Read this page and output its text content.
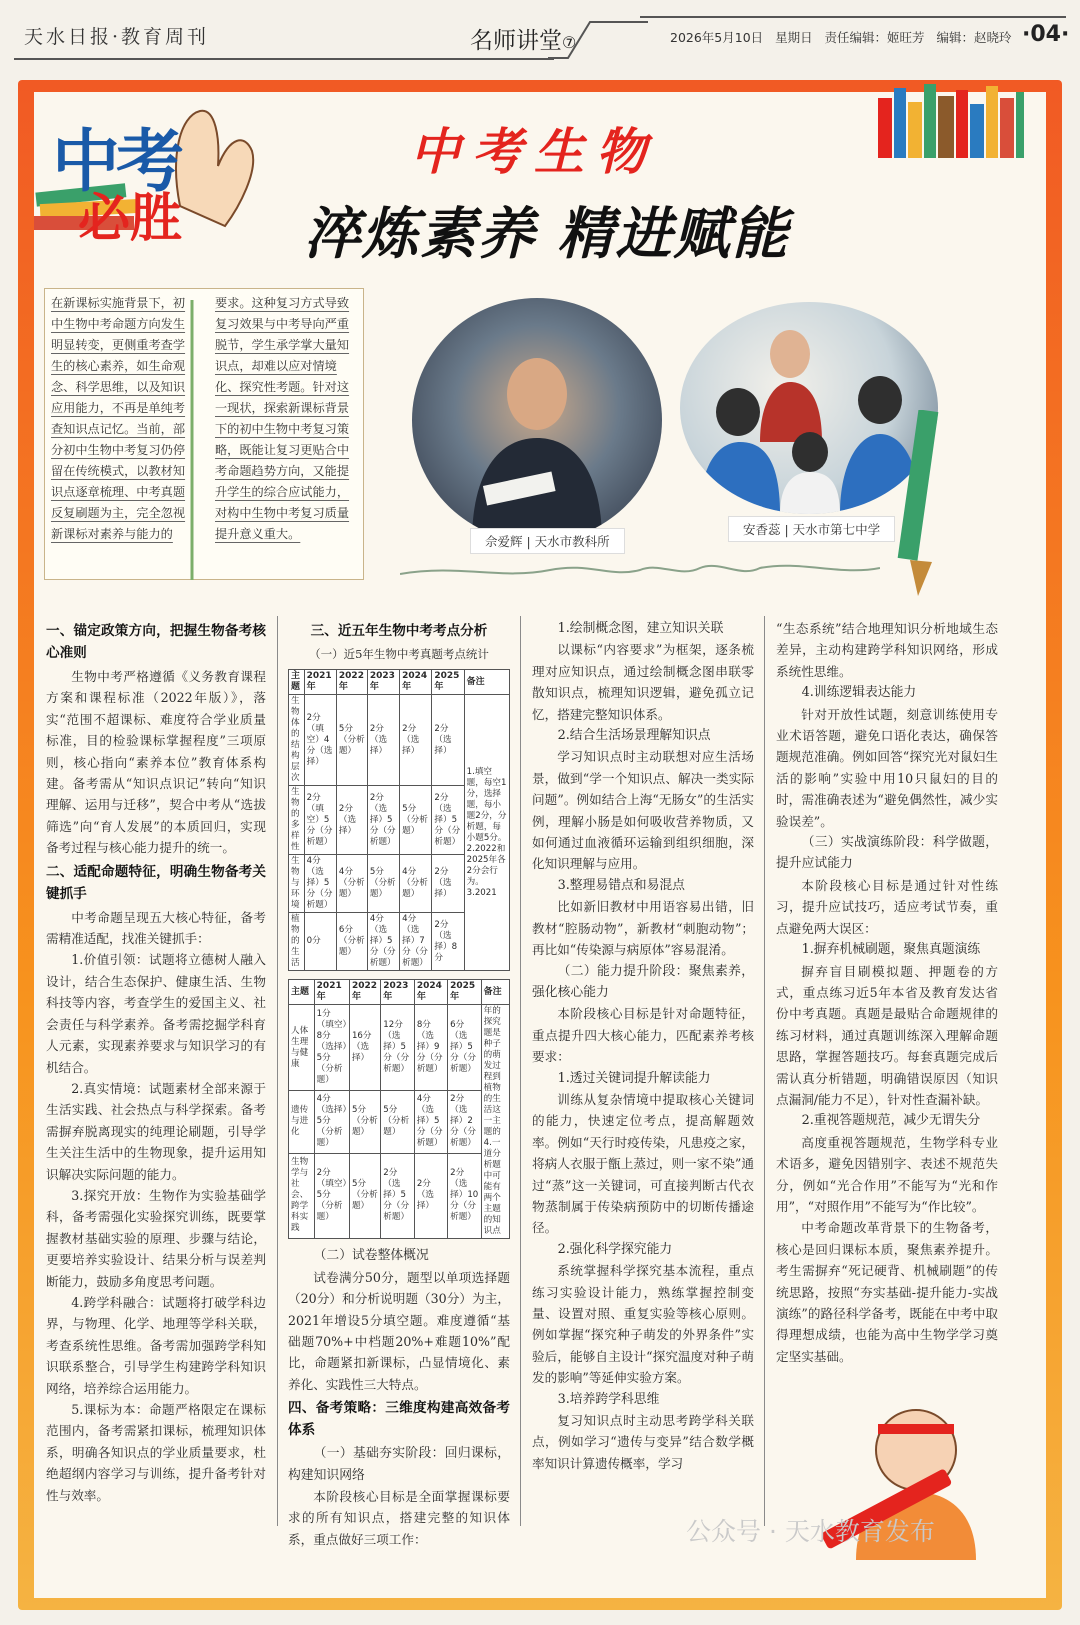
天水日报·教育周刊	名师讲堂⑦	2026年5月10日 星期日 责任编辑：姬旺芳 编辑：赵晓玲 ·04·
中考
必胜
中考生物
淬炼素养 精进赋能
在新课标实施背景下，初中生物中考命题方向发生明显转变，更侧重考查学生的核心素养，如生命观念、科学思维，以及知识应用能力，不再是单纯考查知识点记忆。当前，部分初中生物中考复习仍停留在传统模式，以教材知识点逐章梳理、中考真题反复刷题为主，完全忽视新课标对素养与能力的
要求。这种复习方式导致复习效果与中考导向严重脱节，学生承学掌大量知识点，却难以应对情境化、探究性考题。针对这一现状，探索新课标背景下的初中生物中考复习策略，既能让复习更贴合中考命题趋势方向，又能提升学生的综合应试能力，对构中生物中考复习质量提升意义重大。	佘爱辉 | 天水市教科所
安香蕊 | 天水市第七中学
一、锚定政策方向，把握生物备考核心准则

生物中考严格遵循《义务教育课程方案和课程标准（2022年版）》，落实“范围不超课标、难度符合学业质量标准，目的检验课标掌握程度”三项原则，核心指向“素养本位”教育体系构建。备考需从“知识点识记”转向“知识理解、运用与迁移”，契合中考从“选拔筛选”向“育人发展”的本质回归，实现备考过程与核心能力提升的统一。

二、适配命题特征，明确生物备考关键抓手

中考命题呈现五大核心特征，备考需精准适配，找准关键抓手：

1.价值引领：试题将立德树人融入设计，结合生态保护、健康生活、生物科技等内容，考查学生的爱国主义、社会责任与科学素养。备考需挖掘学科育人元素，实现素养要求与知识学习的有机结合。

2.真实情境：试题素材全部来源于生活实践、社会热点与科学探索。备考需摒弃脱离现实的纯理论刷题，引导学生关注生活中的生物现象，提升运用知识解决实际问题的能力。

3.探究开放：生物作为实验基础学科，备考需强化实验探究训练，既要掌握教材基础实验的原理、步骤与结论，更要培养实验设计、结果分析与误差判断能力，鼓励多角度思考问题。

4.跨学科融合：试题将打破学科边界，与物理、化学、地理等学科关联，考查系统性思维。备考需加强跨学科知识联系整合，引导学生构建跨学科知识网络，培养综合运用能力。

5.课标为本：命题严格限定在课标范围内，备考需紧扣课标，梳理知识体系，明确各知识点的学业质量要求，杜绝超纲内容学习与训练，提升备考针对性与效率。

三、近五年生物中考考点分析
（一）近5年生物中考真题考点统计
主题	2021年	2022年	2023年	2024年	2025年	备注
生物体的结构层次	2分（填空）4分（选择）	5分（分析题）	2分（选择）	2分（选择）	2分（选择）	1.填空题，每空1分，选择题，每小题2分，分析题，每小题5分。2.2022和2025年各2分会行为。3.2021
生物的多样性	2分（填空）5分（分析题）	2分（选择）	2分（选择）5分（分析题）	5分（分析题）	2分（选择）5分（分析题）	
生物与环境	4分（选择）5分（分析题）	4分（分析题）	5分（分析题）	4分（分析题）	2分（选择）	
植物的生活	0分	6分（分析题）	4分（选择）5分（分析题）	4分（选择）7分（分析题）	2分（选择）8分	
主题	2021年	2022年	2023年	2024年	2025年	备注
人体生理与健康	1分（填空）8分（选择）5分（分析题）	16分（选择）	12分（选择）5分（分析题）	8分（选择）9分（分析题）	6分（选择）5分（分析题）	年的探究题是种子的萌发过程到植物的生活这一主题的4.一道分析题中可能有两个主题的知识点
遗传与进化	4分（选择）5分（分析题）	5分（分析题）	5分（分析题）	4分（选择）5分（分析题）	2分（选择）2分（分析题）	
生物学与社会、跨学科实践	2分（填空）5分（分析题）	5分（分析题）	2分（选择）5分（分析题）	2分（选择）	2分（选择）10分（分析题）	
（二）试卷整体概况

试卷满分50分，题型以单项选择题（20分）和分析说明题（30分）为主，2021年增设5分填空题。难度遵循“基础题70%+中档题20%+难题10%”配比，命题紧扣新课标，凸显情境化、素养化、实践性三大特点。

四、备考策略：三维度构建高效备考体系
（一）基础夯实阶段：回归课标，构建知识网络

本阶段核心目标是全面掌握课标要求的所有知识点，搭建完整的知识体系，重点做好三项工作：

1.绘制概念图，建立知识关联

以课标“内容要求”为框架，逐条梳理对应知识点，通过绘制概念图串联零散知识点，梳理知识逻辑，避免孤立记忆，搭建完整知识体系。

2.结合生活场景理解知识点

学习知识点时主动联想对应生活场景，做到“学一个知识点、解决一类实际问题”。例如结合上海“无肠女”的生活实例，理解小肠是如何吸收营养物质，又如何通过血液循环运输到组织细胞，深化知识理解与应用。

3.整理易错点和易混点

比如新旧教材中用语容易出错，旧教材“腔肠动物”，新教材“刺胞动物”；再比如“传染源与病原体”容易混淆。

（二）能力提升阶段：聚焦素养，强化核心能力

本阶段核心目标是针对命题特征，重点提升四大核心能力，匹配素养考核要求：

1.透过关键词提升解读能力

训练从复杂情境中提取核心关键词的能力，快速定位考点，提高解题效率。例如“天行时疫传染，凡患疫之家，将病人衣服于甑上蒸过，则一家不染”通过“蒸”这一关键词，可直接判断古代衣物蒸制属于传染病预防中的切断传播途径。

2.强化科学探究能力

系统掌握科学探究基本流程，重点练习实验设计能力，熟练掌握控制变量、设置对照、重复实验等核心原则。例如掌握“探究种子萌发的外界条件”实验后，能够自主设计“探究温度对种子萌发的影响”等延伸实验方案。

3.培养跨学科思维

复习知识点时主动思考跨学科关联点，例如学习“遗传与变异”结合数学概率知识计算遗传概率，学习

“生态系统”结合地理知识分析地域生态差异，主动构建跨学科知识网络，形成系统性思维。

4.训练逻辑表达能力

针对开放性试题，刻意训练使用专业术语答题，避免口语化表达，确保答题规范准确。例如回答“探究光对鼠妇生活的影响”实验中用10只鼠妇的目的时，需准确表述为“避免偶然性，减少实验误差”。

（三）实战演练阶段：科学做题，提升应试能力

本阶段核心目标是通过针对性练习，提升应试技巧，适应考试节奏，重点避免两大误区：

1.摒弃机械刷题，聚焦真题演练

摒弃盲目刷模拟题、押题卷的方式，重点练习近5年本省及教育发达省份中考真题。真题是最贴合命题规律的练习材料，通过真题训练深入理解命题思路，掌握答题技巧。每套真题完成后需认真分析错题，明确错误原因（知识点漏洞/能力不足），针对性查漏补缺。

2.重视答题规范，减少无谓失分

高度重视答题规范，生物学科专业术语多，避免因错别字、表述不规范失分，例如“光合作用”不能写为“光和作用”，“对照作用”不能写为“作比较”。

中考命题改革背景下的生物备考，核心是回归课标本质，聚焦素养提升。考生需摒弃“死记硬背、机械刷题”的传统思路，按照“夯实基础-提升能力-实战演练”的路径科学备考，既能在中考中取得理想成绩，也能为高中生物学学习奠定坚实基础。

公众号 · 天水教育发布
